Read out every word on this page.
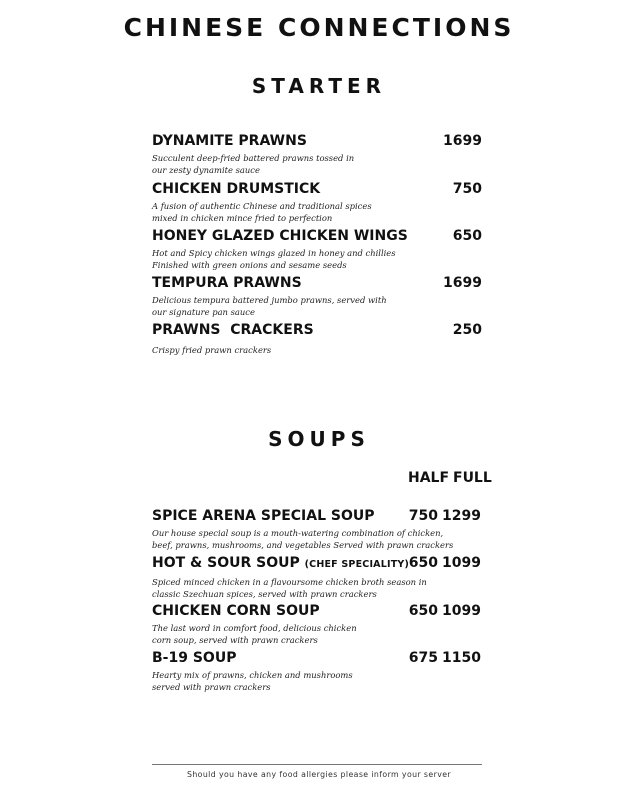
CHINESE CONNECTIONS
STARTER
DYNAMITE PRAWNS	1699
Succulent deep-fried battered prawns tossed in
our zesty dynamite sauce
CHICKEN DRUMSTICK	750
A fusion of authentic Chinese and traditional spices
mixed in chicken mince fried to perfection
HONEY GLAZED CHICKEN WINGS	650
Hot and Spicy chicken wings glazed in honey and chillies
Finished with green onions and sesame seeds
TEMPURA PRAWNS	1699
Delicious tempura battered jumbo prawns, served with
our signature pan sauce
PRAWNS  CRACKERS	250
Crispy fried prawn crackers
SOUPS
HALF FULL
SPICE ARENA SPECIAL SOUP	750 1299
Our house special soup is a mouth-watering combination of chicken,
beef, prawns, mushrooms, and vegetables Served with prawn crackers
HOT & SOUR SOUP (CHEF SPECIALITY) 650 1099
Spiced minced chicken in a flavoursome chicken broth season in
classic Szechuan spices, served with prawn crackers
CHICKEN CORN SOUP	650 1099
The last word in comfort food, delicious chicken
corn soup, served with prawn crackers
B-19 SOUP	675 1150
Hearty mix of prawns, chicken and mushrooms
served with prawn crackers
Should you have any food allergies please inform your server
